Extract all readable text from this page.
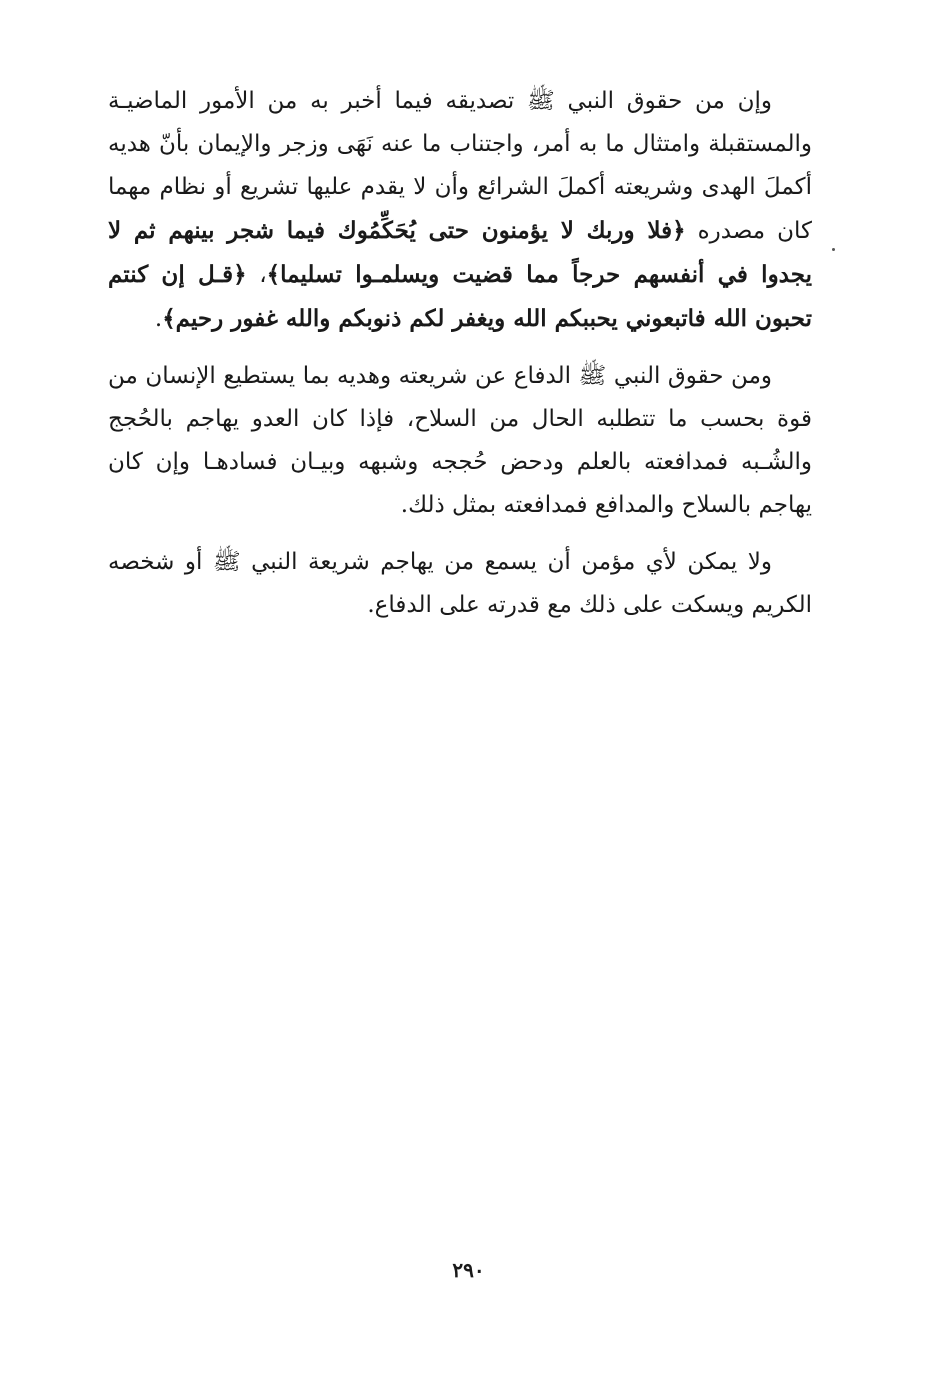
وإن من حقوق النبي ﷺ تصديقه فيما أخبر به من الأمور الماضيـة والمستقبلة وامتثال ما به أمر، واجتناب ما عنه نَهَى وزجر والإيمان بأنّ هديه أكملَ الهدى وشريعته أكملَ الشرائع وأن لا يقدم عليها تشريع أو نظام مهما كان مصدره ﴿فلا وربك لا يؤمنون حتى يُحَكِّمُوك فيما شجر بينهم ثم لا يجدوا في أنفسهم حرجاً مما قضيت ويسلمـوا تسليما﴾، ﴿قـل إن كنتم تحبون الله فاتبعوني يحببكم الله ويغفر لكم ذنوبكم والله غفور رحيم﴾.

ومن حقوق النبي ﷺ الدفاع عن شريعته وهديه بما يستطيع الإنسان من قوة بحسب ما تتطلبه الحال من السلاح، فإذا كان العدو يهاجم بالحُجج والشُـبه فمدافعته بالعلم ودحض حُججه وشبهه وبيـان فسادهـا وإن كان يهاجم بالسلاح والمدافع فمدافعته بمثل ذلك.

ولا يمكن لأي مؤمن أن يسمع من يهاجم شريعة النبي ﷺ أو شخصه الكريم ويسكت على ذلك مع قدرته على الدفاع.

٢٩٠
